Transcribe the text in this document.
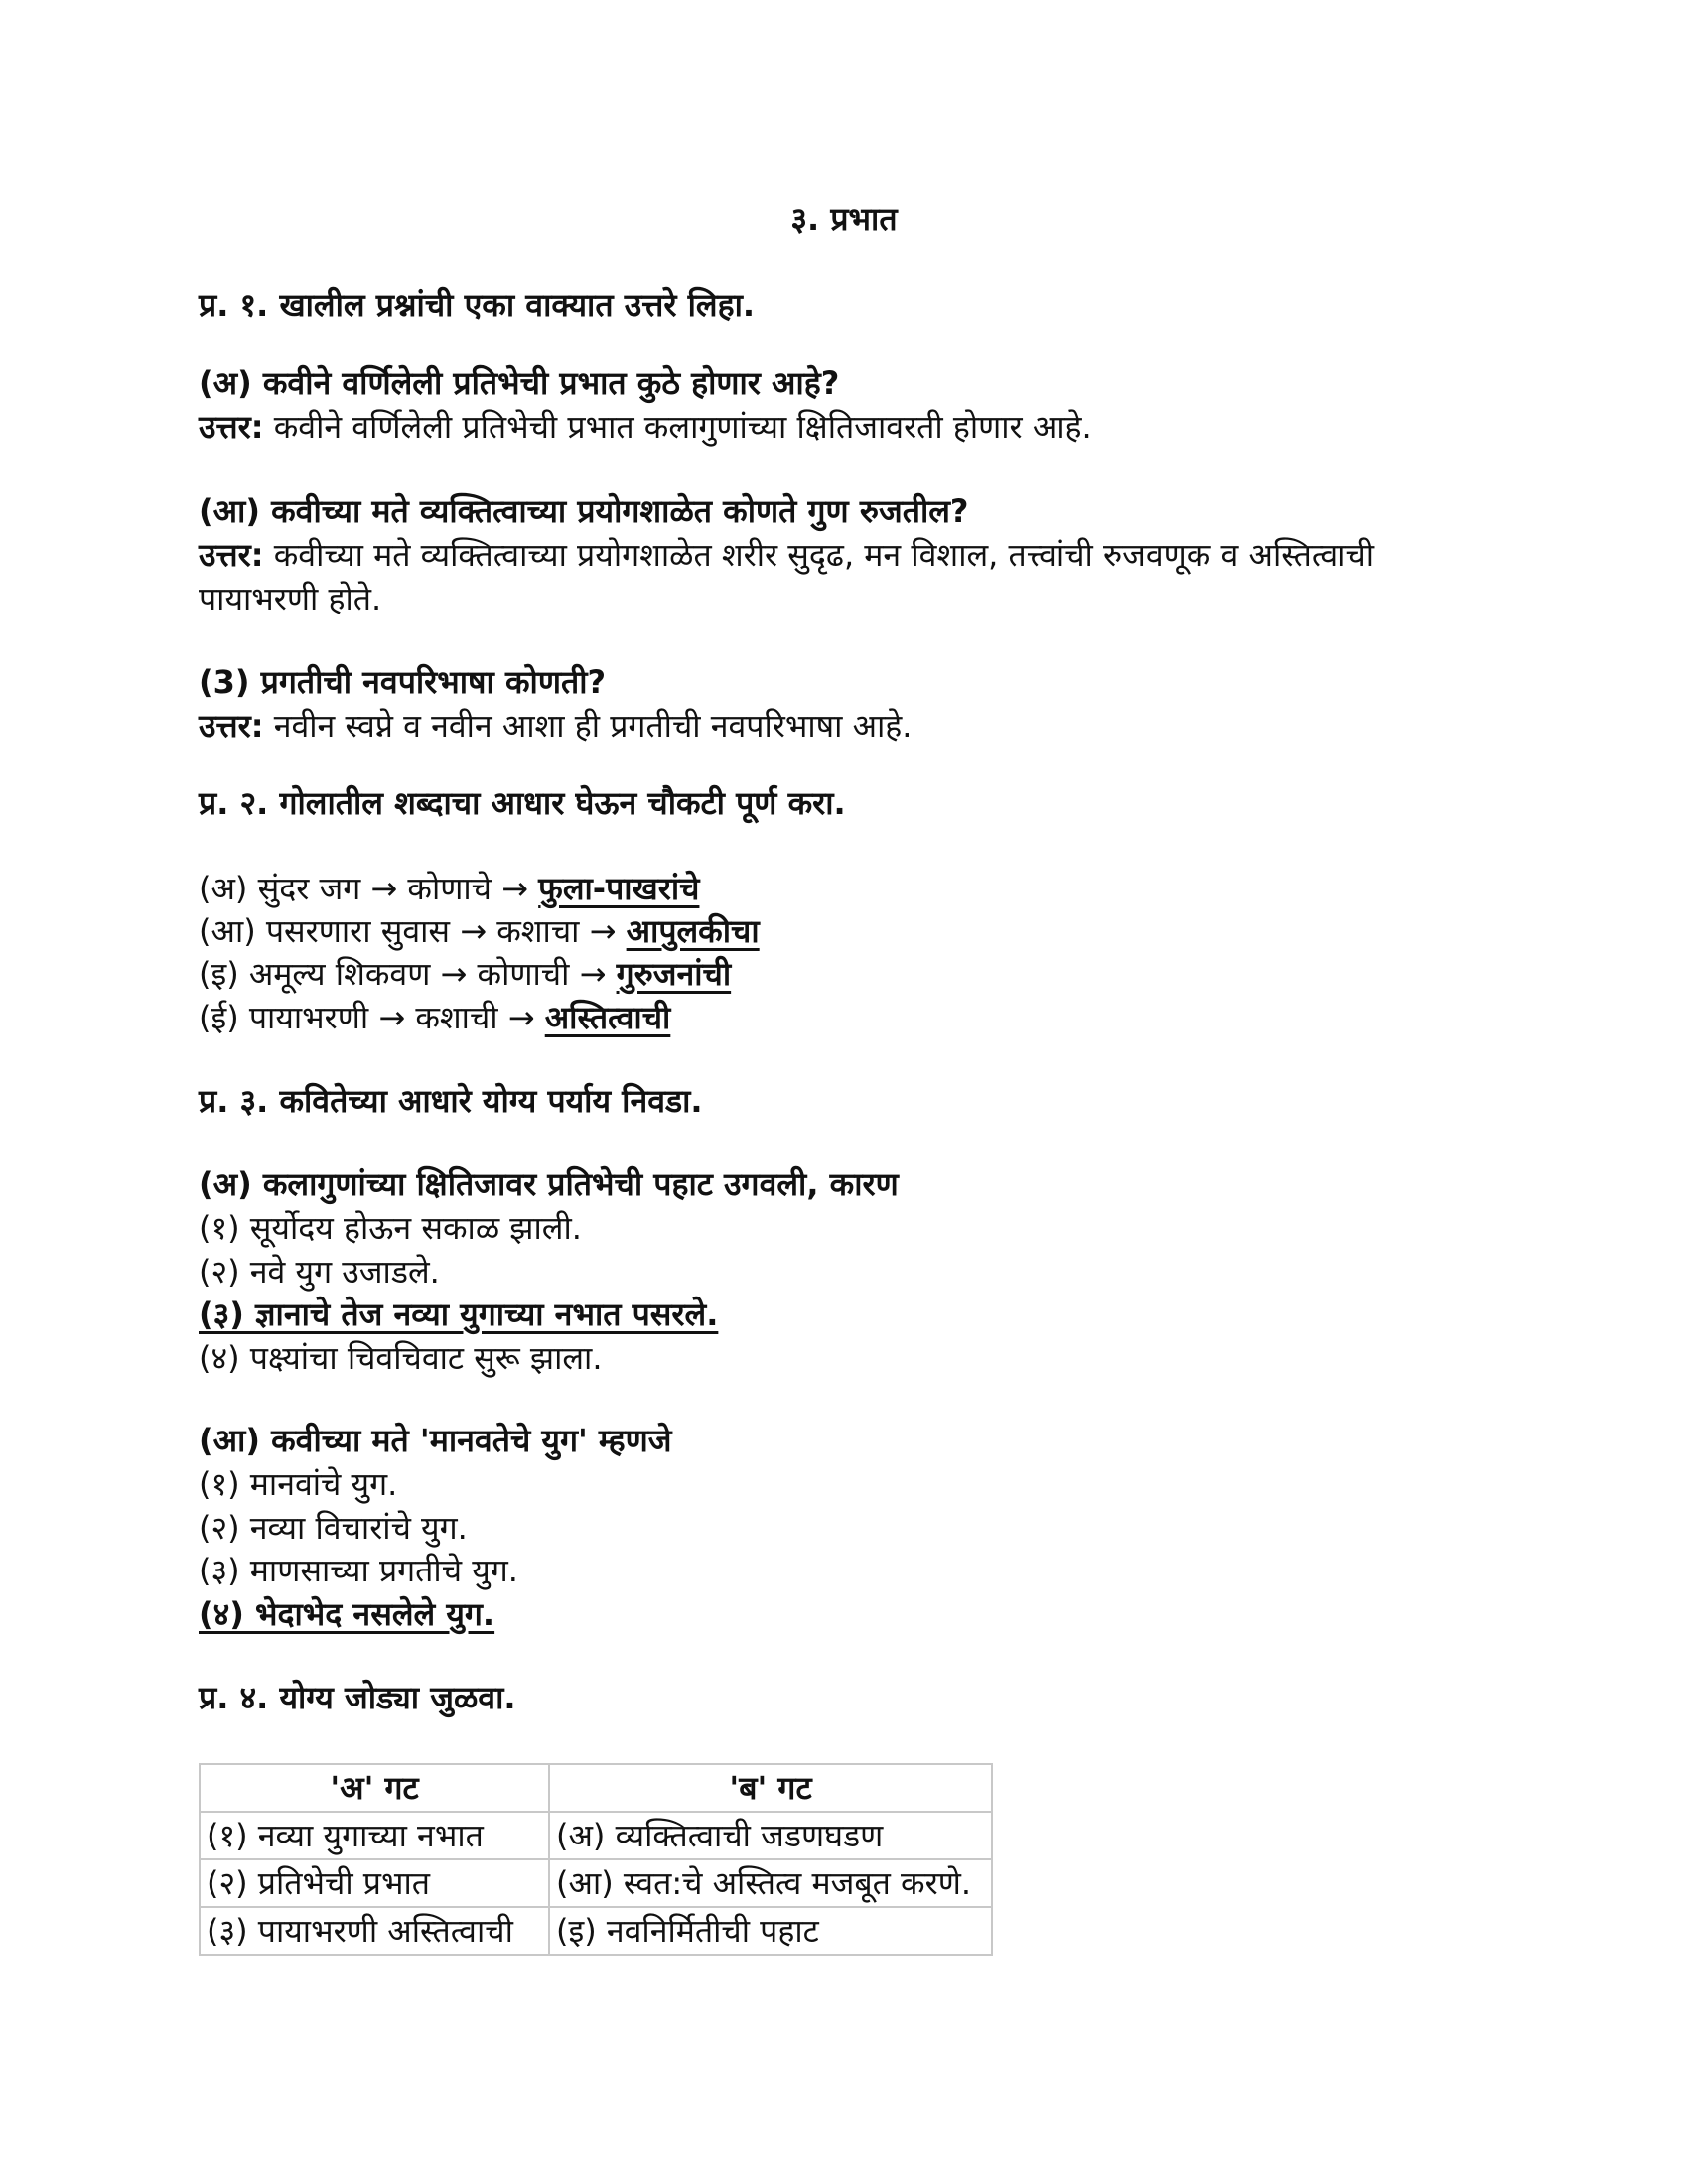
३. प्रभात
प्र. १. खालील प्रश्नांची एका वाक्यात उत्तरे लिहा.
(अ) कवीने वर्णिलेली प्रतिभेची प्रभात कुठे होणार आहे?
उत्तर: कवीने वर्णिलेली प्रतिभेची प्रभात कलागुणांच्या क्षितिजावरती होणार आहे.
(आ) कवीच्या मते व्यक्तित्वाच्या प्रयोगशाळेत कोणते गुण रुजतील?
उत्तर: कवीच्या मते व्यक्तित्वाच्या प्रयोगशाळेत शरीर सुदृढ, मन विशाल, तत्त्वांची रुजवणूक व अस्तित्वाची
पायाभरणी होते.
(3) प्रगतीची नवपरिभाषा कोणती?
उत्तर: नवीन स्वप्ने व नवीन आशा ही प्रगतीची नवपरिभाषा आहे.
प्र. २. गोलातील शब्दाचा आधार घेऊन चौकटी पूर्ण करा.
(अ) सुंदर जग → कोणाचे → फुला-पाखरांचे
(आ) पसरणारा सुवास → कशाचा → आपुलकीचा
(इ) अमूल्य शिकवण → कोणाची → गुरुजनांची
(ई) पायाभरणी → कशाची → अस्तित्वाची
प्र. ३. कवितेच्या आधारे योग्य पर्याय निवडा.
(अ) कलागुणांच्या क्षितिजावर प्रतिभेची पहाट उगवली, कारण
(१) सूर्योदय होऊन सकाळ झाली.
(२) नवे युग उजाडले.
(३) ज्ञानाचे तेज नव्या युगाच्या नभात पसरले.
(४) पक्ष्यांचा चिवचिवाट सुरू झाला.
(आ) कवीच्या मते 'मानवतेचे युग' म्हणजे
(१) मानवांचे युग.
(२) नव्या विचारांचे युग.
(३) माणसाच्या प्रगतीचे युग.
(४) भेदाभेद नसलेले युग.
प्र. ४. योग्य जोड्या जुळवा.
'अ' गट	'ब' गट
(१) नव्या युगाच्या नभात	(अ) व्यक्तित्वाची जडणघडण
(२) प्रतिभेची प्रभात	(आ) स्वत:चे अस्तित्व मजबूत करणे.
(३) पायाभरणी अस्तित्वाची	(इ) नवनिर्मितीची पहाट
